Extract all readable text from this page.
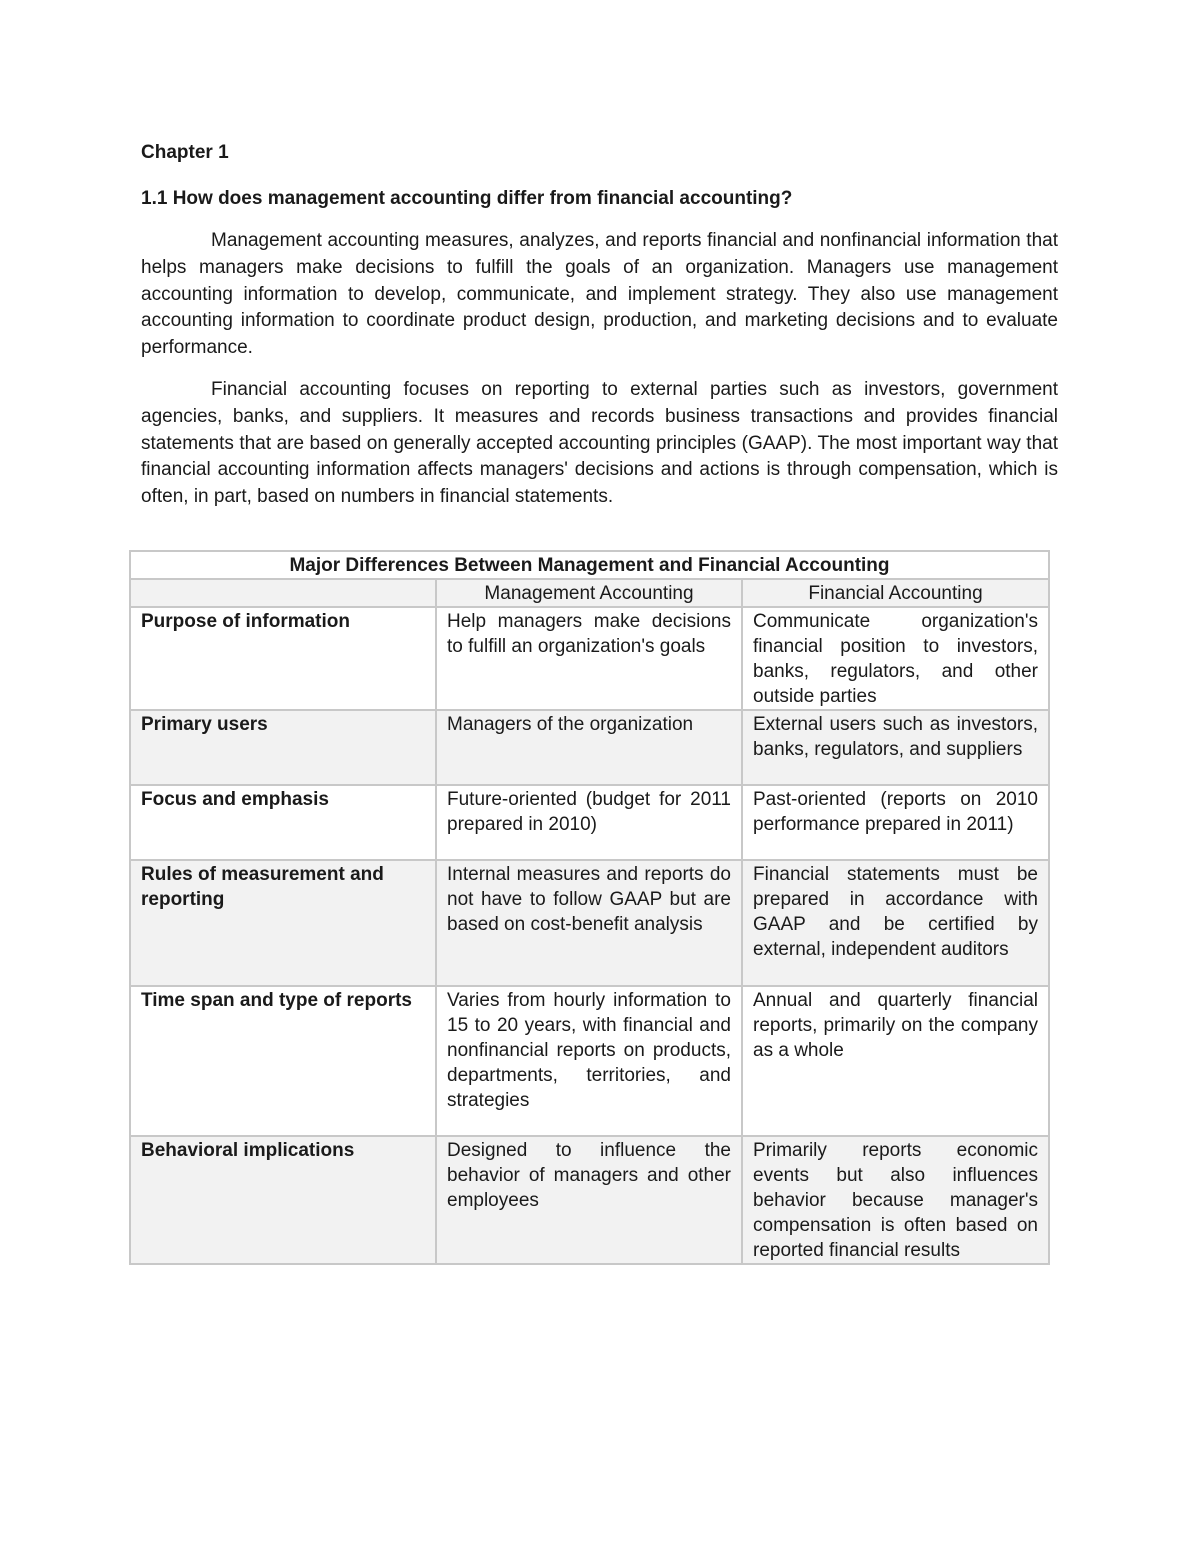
Chapter 1
1.1 How does management accounting differ from financial accounting?

Management accounting measures, analyzes, and reports financial and nonfinancial information that helps managers make decisions to fulfill the goals of an organization. Managers use management accounting information to develop, communicate, and implement strategy. They also use management accounting information to coordinate product design, production, and marketing decisions and to evaluate performance.

Financial accounting focuses on reporting to external parties such as investors, government agencies, banks, and suppliers. It measures and records business transactions and provides financial statements that are based on generally accepted accounting principles (GAAP). The most important way that financial accounting information affects managers' decisions and actions is through compensation, which is often, in part, based on numbers in financial statements.

Major Differences Between Management and Financial Accounting		
	Management Accounting	Financial Accounting
Purpose of information	Help managers make decisions to fulfill an organization's goals	Communicate organization's financial position to investors, banks, regulators, and other outside parties
Primary users	Managers of the organization	External users such as investors, banks, regulators, and suppliers
Focus and emphasis	Future-oriented (budget for 2011 prepared in 2010)	Past-oriented (reports on 2010 performance prepared in 2011)
Rules of measurement and reporting	Internal measures and reports do not have to follow GAAP but are based on cost-benefit analysis	Financial statements must be prepared in accordance with GAAP and be certified by external, independent auditors
Time span and type of reports	Varies from hourly information to 15 to 20 years, with financial and nonfinancial reports on products, departments, territories, and strategies	Annual and quarterly financial reports, primarily on the company as a whole
Behavioral implications	Designed to influence the behavior of managers and other employees	Primarily reports economic events but also influences behavior because manager's compensation is often based on reported financial results
